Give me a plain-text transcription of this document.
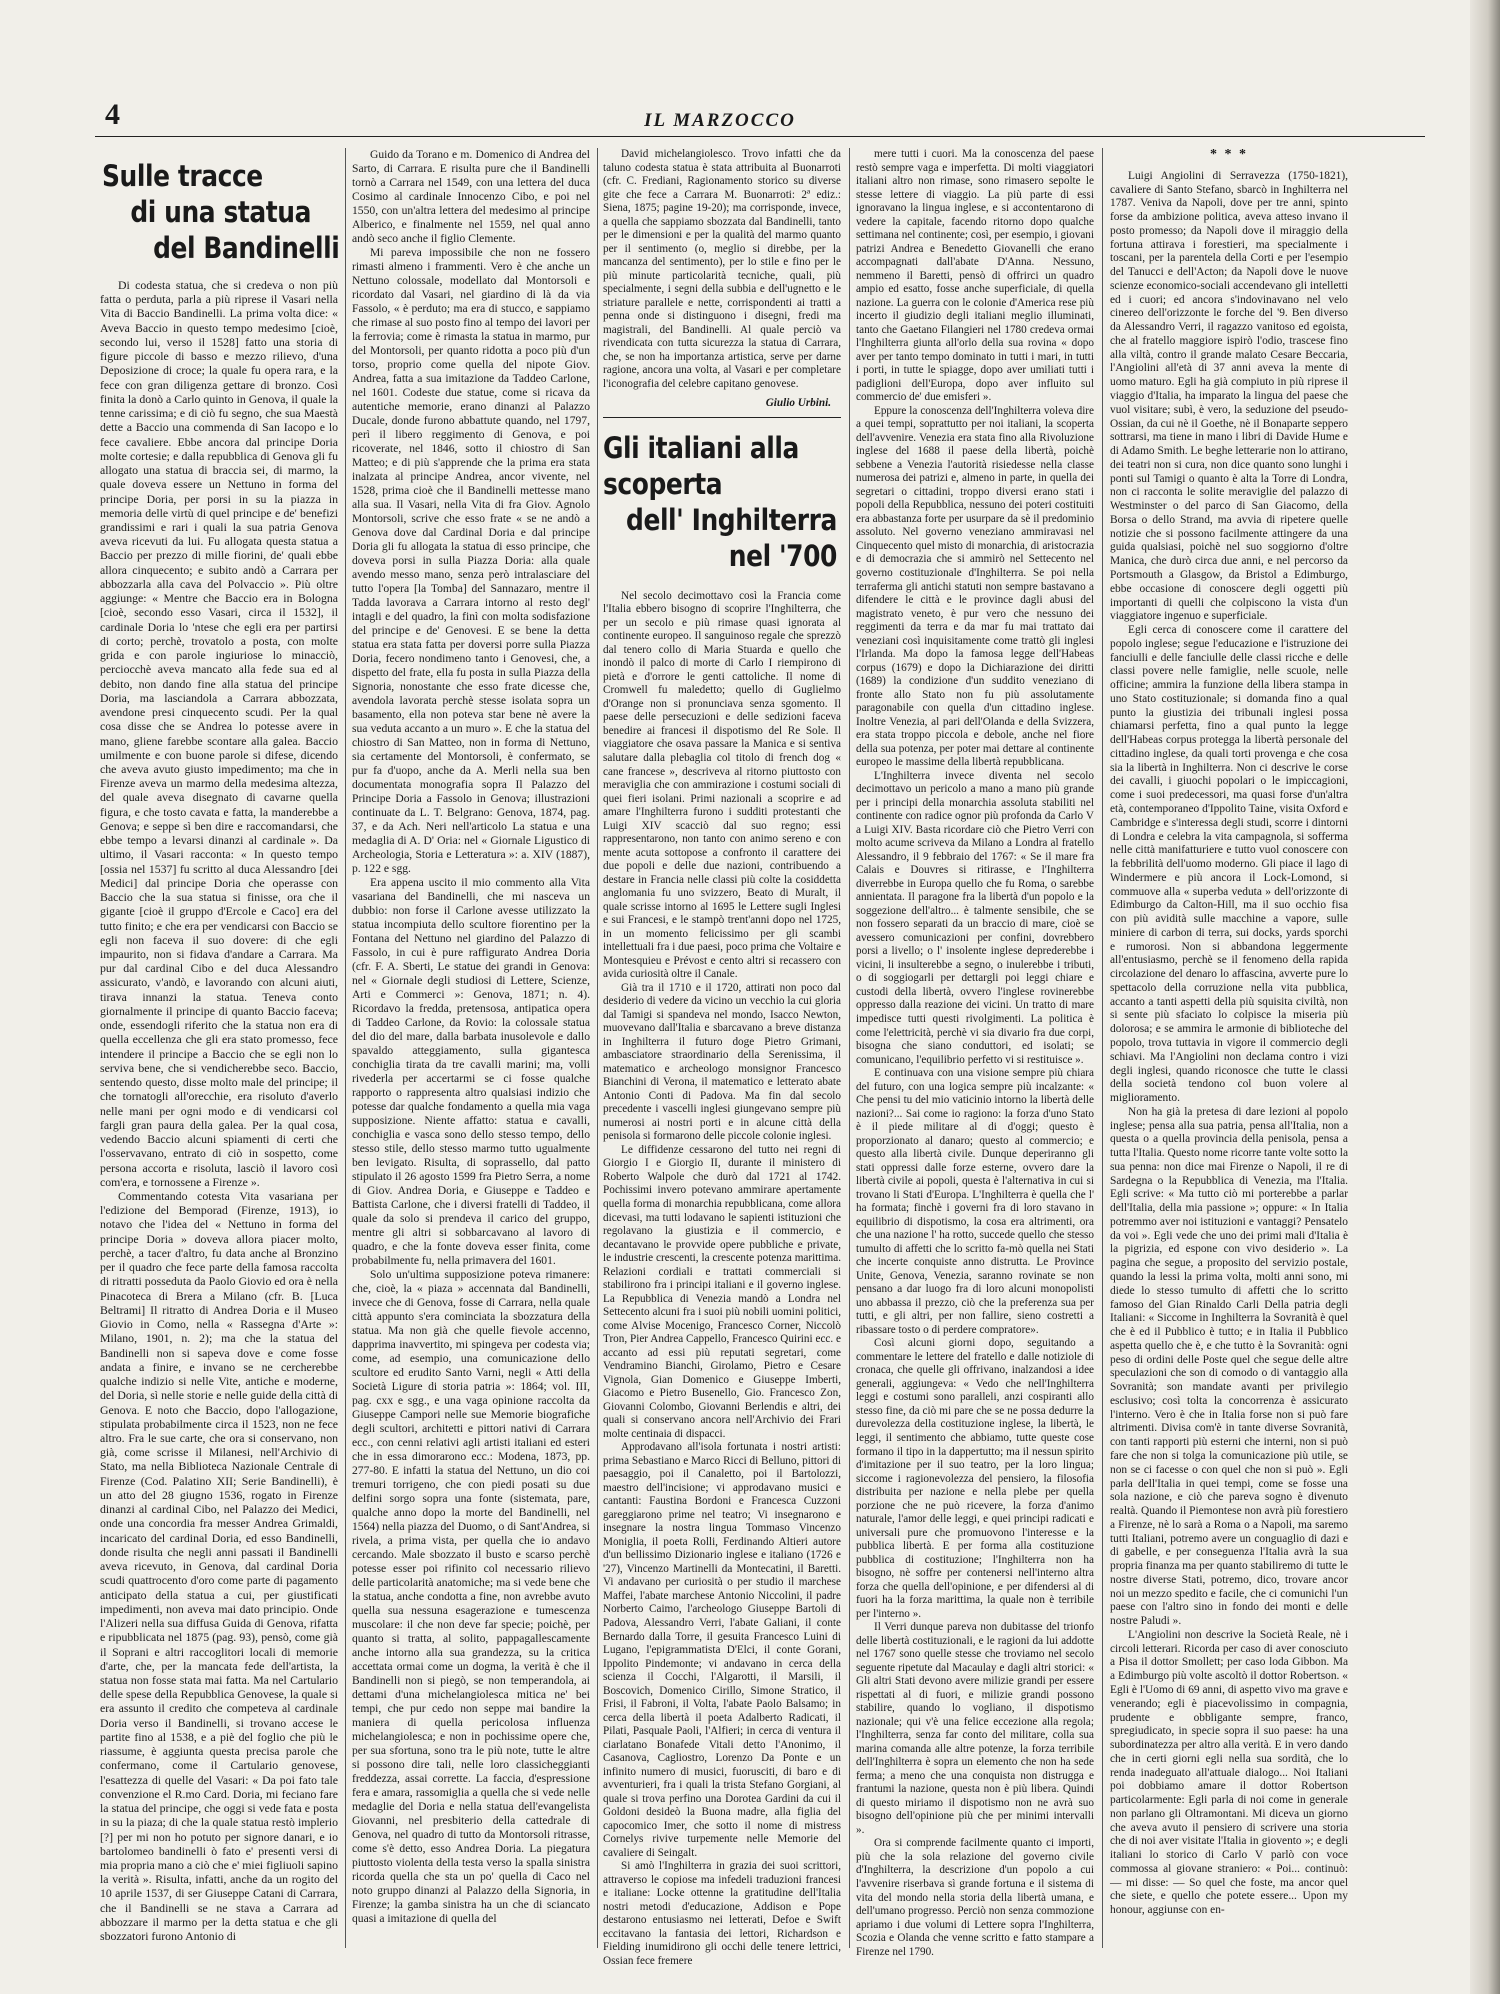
4	IL MARZOCCO
Sulle tracce
di una statua
del Bandinelli

Di codesta statua, che si credeva o non più fatta o perduta, parla a più riprese il Vasari nella Vita di Baccio Bandinelli. La prima volta dice: « Aveva Baccio in questo tempo medesimo [cioè, secondo lui, verso il 1528] fatto una storia di figure piccole di basso e mezzo rilievo, d'una Deposizione di croce; la quale fu opera rara, e la fece con gran diligenza gettare di bronzo. Così finita la donò a Carlo quinto in Genova, il quale la tenne carissima; e di ciò fu segno, che sua Maestà dette a Baccio una commenda di San Iacopo e lo fece cavaliere. Ebbe ancora dal principe Doria molte cortesie; e dalla repubblica di Genova gli fu allogato una statua di braccia sei, di marmo, la quale doveva essere un Nettuno in forma del principe Doria, per porsi in su la piazza in memoria delle virtù di quel principe e de' benefizi grandissimi e rari i quali la sua patria Genova aveva ricevuti da lui. Fu allogata questa statua a Baccio per prezzo di mille fiorini, de' quali ebbe allora cinquecento; e subito andò a Carrara per abbozzarla alla cava del Polvaccio ». Più oltre aggiunge: « Mentre che Baccio era in Bologna [cioè, secondo esso Vasari, circa il 1532], il cardinale Doria lo 'ntese che egli era per partirsi di corto; perchè, trovatolo a posta, con molte grida e con parole ingiuriose lo minacciò, perciocchè aveva mancato alla fede sua ed al debito, non dando fine alla statua del principe Doria, ma lasciandola a Carrara abbozzata, avendone presi cinquecento scudi. Per la qual cosa disse che se Andrea lo potesse avere in mano, gliene farebbe scontare alla galea. Baccio umilmente e con buone parole si difese, dicendo che aveva avuto giusto impedimento; ma che in Firenze aveva un marmo della medesima altezza, del quale aveva disegnato di cavarne quella figura, e che tosto cavata e fatta, la manderebbe a Genova; e seppe sì ben dire e raccomandarsi, che ebbe tempo a levarsi dinanzi al cardinale ». Da ultimo, il Vasari racconta: « In questo tempo [ossia nel 1537] fu scritto al duca Alessandro [dei Medici] dal principe Doria che operasse con Baccio che la sua statua si finisse, ora che il gigante [cioè il gruppo d'Ercole e Caco] era del tutto finito; e che era per vendicarsi con Baccio se egli non faceva il suo dovere: di che egli impaurito, non si fidava d'andare a Carrara. Ma pur dal cardinal Cibo e del duca Alessandro assicurato, v'andò, e lavorando con alcuni aiuti, tirava innanzi la statua. Teneva conto giornalmente il principe di quanto Baccio faceva; onde, essendogli riferito che la statua non era di quella eccellenza che gli era stato promesso, fece intendere il principe a Baccio che se egli non lo serviva bene, che si vendicherebbe seco. Baccio, sentendo questo, disse molto male del principe; il che tornatogli all'orecchie, era risoluto d'averlo nelle mani per ogni modo e di vendicarsi col fargli gran paura della galea. Per la qual cosa, vedendo Baccio alcuni spiamenti di certi che l'osservavano, entrato di ciò in sospetto, come persona accorta e risoluta, lasciò il lavoro così com'era, e tornossene a Firenze ».

Commentando cotesta Vita vasariana per l'edizione del Bemporad (Firenze, 1913), io notavo che l'idea del « Nettuno in forma del principe Doria » doveva allora piacer molto, perchè, a tacer d'altro, fu data anche al Bronzino per il quadro che fece parte della famosa raccolta di ritratti posseduta da Paolo Giovio ed ora è nella Pinacoteca di Brera a Milano (cfr. B. [Luca Beltrami] Il ritratto di Andrea Doria e il Museo Giovio in Como, nella « Rassegna d'Arte »: Milano, 1901, n. 2); ma che la statua del Bandinelli non si sapeva dove e come fosse andata a finire, e invano se ne cercherebbe qualche indizio si nelle Vite, antiche e moderne, del Doria, sì nelle storie e nelle guide della città di Genova. E noto che Baccio, dopo l'allogazione, stipulata probabilmente circa il 1523, non ne fece altro. Fra le sue carte, che ora si conservano, non già, come scrisse il Milanesi, nell'Archivio di Stato, ma nella Biblioteca Nazionale Centrale di Firenze (Cod. Palatino XII; Serie Bandinelli), è un atto del 28 giugno 1536, rogato in Firenze dinanzi al cardinal Cibo, nel Palazzo dei Medici, onde una concordia fra messer Andrea Grimaldi, incaricato del cardinal Doria, ed esso Bandinelli, donde risulta che negli anni passati il Bandinelli aveva ricevuto, in Genova, dal cardinal Doria scudi quattrocento d'oro come parte di pagamento anticipato della statua a cui, per giustificati impedimenti, non aveva mai dato principio. Onde l'Alizeri nella sua diffusa Guida di Genova, rifatta e ripubblicata nel 1875 (pag. 93), pensò, come già il Soprani e altri raccoglitori locali di memorie d'arte, che, per la mancata fede dell'artista, la statua non fosse stata mai fatta. Ma nel Cartulario delle spese della Repubblica Genovese, la quale si era assunto il credito che competeva al cardinale Doria verso il Bandinelli, si trovano accese le partite fino al 1538, e a piè del foglio che più le riassume, è aggiunta questa precisa parole che confermano, come il Cartulario genovese, l'esattezza di quelle del Vasari: « Da poi fato tale convenzione el R.mo Card. Doria, mi feciano fare la statua del principe, che oggi si vede fata e posta in su la piaza; di che la quale statua restò implerio [?] per mi non ho potuto per signore danari, e io bartolomeo bandinelli ò fato e' presenti versi di mia propria mano a ciò che e' miei figliuoli sapino la verità ». Risulta, infatti, anche da un rogito del 10 aprile 1537, di ser Giuseppe Catani di Carrara, che il Bandinelli se ne stava a Carrara ad abbozzare il marmo per la detta statua e che gli sbozzatori furono Antonio di

Guido da Torano e m. Domenico di Andrea del Sarto, di Carrara. E risulta pure che il Bandinelli tornò a Carrara nel 1549, con una lettera del duca Cosimo al cardinale Innocenzo Cibo, e poi nel 1550, con un'altra lettera del medesimo al principe Alberico, e finalmente nel 1559, nel qual anno andò seco anche il figlio Clemente.

Mi pareva impossibile che non ne fossero rimasti almeno i frammenti. Vero è che anche un Nettuno colossale, modellato dal Montorsoli e ricordato dal Vasari, nel giardino di là da via Fassolo, « è perduto; ma era di stucco, e sappiamo che rimase al suo posto fino al tempo dei lavori per la ferrovia; come è rimasta la statua in marmo, pur del Montorsoli, per quanto ridotta a poco più d'un torso, proprio come quella del nipote Giov. Andrea, fatta a sua imitazione da Taddeo Carlone, nel 1601. Codeste due statue, come si ricava da autentiche memorie, erano dinanzi al Palazzo Ducale, donde furono abbattute quando, nel 1797, perì il libero reggimento di Genova, e poi ricoverate, nel 1846, sotto il chiostro di San Matteo; e di più s'apprende che la prima era stata inalzata al principe Andrea, ancor vivente, nel 1528, prima cioè che il Bandinelli mettesse mano alla sua. Il Vasari, nella Vita di fra Giov. Agnolo Montorsoli, scrive che esso frate « se ne andò a Genova dove dal Cardinal Doria e dal principe Doria gli fu allogata la statua di esso principe, che doveva porsi in sulla Piazza Doria: alla quale avendo messo mano, senza però intralasciare del tutto l'opera [la Tomba] del Sannazaro, mentre il Tadda lavorava a Carrara intorno al resto degl' intagli e del quadro, la finì con molta sodisfazione del principe e de' Genovesi. E se bene la detta statua era stata fatta per doversi porre sulla Piazza Doria, fecero nondimeno tanto i Genovesi, che, a dispetto del frate, ella fu posta in sulla Piazza della Signoria, nonostante che esso frate dicesse che, avendola lavorata perchè stesse isolata sopra un basamento, ella non poteva star bene nè avere la sua veduta accanto a un muro ». E che la statua del chiostro di San Matteo, non in forma di Nettuno, sia certamente del Montorsoli, è confermato, se pur fa d'uopo, anche da A. Merli nella sua ben documentata monografia sopra Il Palazzo del Principe Doria a Fassolo in Genova; illustrazioni continuate da L. T. Belgrano: Genova, 1874, pag. 37, e da Ach. Neri nell'articolo La statua e una medaglia di A. D' Oria: nel « Giornale Ligustico di Archeologia, Storia e Letteratura »: a. XIV (1887), p. 122 e sgg.

Era appena uscito il mio commento alla Vita vasariana del Bandinelli, che mi nasceva un dubbio: non forse il Carlone avesse utilizzato la statua incompiuta dello scultore fiorentino per la Fontana del Nettuno nel giardino del Palazzo di Fassolo, in cui è pure raffigurato Andrea Doria (cfr. F. A. Sberti, Le statue dei grandi in Genova: nel « Giornale degli studiosi di Lettere, Scienze, Arti e Commerci »: Genova, 1871; n. 4). Ricordavo la fredda, pretensosa, antipatica opera di Taddeo Carlone, da Rovio: la colossale statua del dio del mare, dalla barbata inusolevole e dallo spavaldo atteggiamento, sulla gigantesca conchiglia tirata da tre cavalli marini; ma, volli rivederla per accertarmi se ci fosse qualche rapporto o rappresenta altro qualsiasi indizio che potesse dar qualche fondamento a quella mia vaga supposizione. Niente affatto: statua e cavalli, conchiglia e vasca sono dello stesso tempo, dello stesso stile, dello stesso marmo tutto ugualmente ben levigato. Risulta, di soprassello, dal patto stipulato il 26 agosto 1599 fra Pietro Serra, a nome di Giov. Andrea Doria, e Giuseppe e Taddeo e Battista Carlone, che i diversi fratelli di Taddeo, il quale da solo si prendeva il carico del gruppo, mentre gli altri si sobbarcavano al lavoro di quadro, e che la fonte doveva esser finita, come probabilmente fu, nella primavera del 1601.

Solo un'ultima supposizione poteva rimanere: che, cioè, la « piaza » accennata dal Bandinelli, invece che di Genova, fosse di Carrara, nella quale città appunto s'era cominciata la sbozzatura della statua. Ma non già che quelle fievole accenno, dapprima inavvertito, mi spingeva per codesta via; come, ad esempio, una comunicazione dello scultore ed erudito Santo Varni, negli « Atti della Società Ligure di storia patria »: 1864; vol. III, pag. cxx e sgg., e una vaga opinione raccolta da Giuseppe Campori nelle sue Memorie biografiche degli scultori, architetti e pittori nativi di Carrara ecc., con cenni relativi agli artisti italiani ed esteri che in essa dimorarono ecc.: Modena, 1873, pp. 277-80. E infatti la statua del Nettuno, un dio coi tremuri torrigeno, che con piedi posati su due delfini sorgo sopra una fonte (sistemata, pare, qualche anno dopo la morte del Bandinelli, nel 1564) nella piazza del Duomo, o di Sant'Andrea, si rivela, a prima vista, per quella che io andavo cercando. Male sbozzato il busto e scarso perchè potesse esser poi rifinito col necessario rilievo delle particolarità anatomiche; ma si vede bene che la statua, anche condotta a fine, non avrebbe avuto quella sua nessuna esagerazione e tumescenza muscolare: il che non deve far specie; poichè, per quanto si tratta, al solito, pappagallescamente anche intorno alla sua grandezza, su la critica accettata ormai come un dogma, la verità è che il Bandinelli non si piegò, se non temperandola, ai dettami d'una michelangiolesca mitica ne' bei tempi, che pur cedo non seppe mai bandire la maniera di quella pericolosa influenza michelangiolesca; e non in pochissime opere che, per sua sfortuna, sono tra le più note, tutte le altre si possono dire tali, nelle loro classicheggianti freddezza, assai corrette. La faccia, d'espressione fera e amara, rassomiglia a quella che si vede nelle medaglie del Doria e nella statua dell'evangelista Giovanni, nel presbiterio della cattedrale di Genova, nel quadro di tutto da Montorsoli ritrasse, come s'è detto, esso Andrea Doria. La piegatura piuttosto violenta della testa verso la spalla sinistra ricorda quella che sta un po' quella di Caco nel noto gruppo dinanzi al Palazzo della Signoria, in Firenze; la gamba sinistra ha un che di sciancato quasi a imitazione di quella del

David michelangiolesco. Trovo infatti che da taluno codesta statua è stata attribuita al Buonarroti (cfr. C. Frediani, Ragionamento storico su diverse gite che fece a Carrara M. Buonarroti: 2ª ediz.: Siena, 1875; pagine 19-20); ma corrisponde, invece, a quella che sappiamo sbozzata dal Bandinelli, tanto per le dimensioni e per la qualità del marmo quanto per il sentimento (o, meglio si direbbe, per la mancanza del sentimento), per lo stile e fino per le più minute particolarità tecniche, quali, più specialmente, i segni della subbia e dell'ugnetto e le striature parallele e nette, corrispondenti ai tratti a penna onde si distinguono i disegni, fredi ma magistrali, del Bandinelli. Al quale perciò va rivendicata con tutta sicurezza la statua di Carrara, che, se non ha importanza artistica, serve per darne ragione, ancora una volta, al Vasari e per completare l'iconografia del celebre capitano genovese.

Giulio Urbini.
Gli italiani alla scoperta
dell' Inghilterra nel '700

Nel secolo decimottavo così la Francia come l'Italia ebbero bisogno di scoprire l'Inghilterra, che per un secolo e più rimase quasi ignorata al continente europeo. Il sanguinoso regale che sprezzò dal tenero collo di Maria Stuarda e quello che inondò il palco di morte di Carlo I riempirono di pietà e d'orrore le genti cattoliche. Il nome di Cromwell fu maledetto; quello di Guglielmo d'Orange non si pronunciava senza sgomento. Il paese delle persecuzioni e delle sedizioni faceva benedire ai francesi il dispotismo del Re Sole. Il viaggiatore che osava passare la Manica e si sentiva salutare dalla plebaglia col titolo di french dog « cane francese », descriveva al ritorno piuttosto con meraviglia che con ammirazione i costumi sociali di quei fieri isolani. Primi nazionali a scoprire e ad amare l'Inghilterra furono i sudditi protestanti che Luigi XIV scacciò dal suo regno; essi rappresentarono, non tanto con animo sereno e con mente acuta sottopose a confronto il carattere dei due popoli e delle due nazioni, contribuendo a destare in Francia nelle classi più colte la cosiddetta anglomania fu uno svizzero, Beato di Muralt, il quale scrisse intorno al 1695 le Lettere sugli Inglesi e sui Francesi, e le stampò trent'anni dopo nel 1725, in un momento felicissimo per gli scambi intellettuali fra i due paesi, poco prima che Voltaire e Montesquieu e Prévost e cento altri si recassero con avida curiosità oltre il Canale.

Già tra il 1710 e il 1720, attirati non poco dal desiderio di vedere da vicino un vecchio la cui gloria dal Tamigi si spandeva nel mondo, Isacco Newton, muovevano dall'Italia e sbarcavano a breve distanza in Inghilterra il futuro doge Pietro Grimani, ambasciatore straordinario della Serenissima, il matematico e archeologo monsignor Francesco Bianchini di Verona, il matematico e letterato abate Antonio Conti di Padova. Ma fin dal secolo precedente i vascelli inglesi giungevano sempre più numerosi ai nostri porti e in alcune città della penisola si formarono delle piccole colonie inglesi.

Le diffidenze cessarono del tutto nei regni di Giorgio I e Giorgio II, durante il ministero di Roberto Walpole che durò dal 1721 al 1742. Pochissimi invero potevano ammirare apertamente quella forma di monarchia repubblicana, come allora dicevasi, ma tutti lodavano le sapienti istituzioni che regolavano la giustizia e il commercio, e decantavano le provvide opere pubbliche e private, le industrie crescenti, la crescente potenza marittima. Relazioni cordiali e trattati commerciali si stabilirono fra i principi italiani e il governo inglese. La Repubblica di Venezia mandò a Londra nel Settecento alcuni fra i suoi più nobili uomini politici, come Alvise Mocenigo, Francesco Corner, Niccolò Tron, Pier Andrea Cappello, Francesco Quirini ecc. e accanto ad essi più reputati segretari, come Vendramino Bianchi, Girolamo, Pietro e Cesare Vignola, Gian Domenico e Giuseppe Imberti, Giacomo e Pietro Busenello, Gio. Francesco Zon, Giovanni Colombo, Giovanni Berlendis e altri, dei quali si conservano ancora nell'Archivio dei Frari molte centinaia di dispacci.

Approdavano all'isola fortunata i nostri artisti: prima Sebastiano e Marco Ricci di Belluno, pittori di paesaggio, poi il Canaletto, poi il Bartolozzi, maestro dell'incisione; vi approdavano musici e cantanti: Faustina Bordoni e Francesca Cuzzoni gareggiarono prime nel teatro; Vi insegnarono e insegnare la nostra lingua Tommaso Vincenzo Moniglia, il poeta Rolli, Ferdinando Altieri autore d'un bellissimo Dizionario inglese e italiano (1726 e '27), Vincenzo Martinelli da Montecatini, il Baretti. Vi andavano per curiosità o per studio il marchese Maffei, l'abate marchese Antonio Niccolini, il padre Norberto Caimo, l'archeologo Giuseppe Bartoli di Padova, Alessandro Verri, l'abate Galiani, il conte Bernardo dalla Torre, il gesuita Francesco Luini di Lugano, l'epigrammatista D'Elci, il conte Gorani, Ippolito Pindemonte; vi andavano in cerca della scienza il Cocchi, l'Algarotti, il Marsili, il Boscovich, Domenico Cirillo, Simone Stratico, il Frisi, il Fabroni, il Volta, l'abate Paolo Balsamo; in cerca della libertà il poeta Adalberto Radicati, il Pilati, Pasquale Paoli, l'Alfieri; in cerca di ventura il ciarlatano Bonafede Vitali detto l'Anonimo, il Casanova, Cagliostro, Lorenzo Da Ponte e un infinito numero di musici, fuorusciti, di baro e di avventurieri, fra i quali la trista Stefano Gorgiani, al quale si trova perfino una Dorotea Gardini da cui il Goldoni desideò la Buona madre, alla figlia del capocomico Imer, che sotto il nome di mistress Cornelys rivive turpemente nelle Memorie del cavaliere di Seingalt.

Si amò l'Inghilterra in grazia dei suoi scrittori, attraverso le copiose ma infedeli traduzioni francesi e italiane: Locke ottenne la gratitudine dell'Italia nostri metodi d'educazione, Addison e Pope destarono entusiasmo nei letterati, Defoe e Swift eccitavano la fantasia dei lettori, Richardson e Fielding inumidirono gli occhi delle tenere lettrici, Ossian fece fremere

mere tutti i cuori. Ma la conoscenza del paese restò sempre vaga e imperfetta. Di molti viaggiatori italiani altro non rimase, sono rimasero sepolte le stesse lettere di viaggio. La più parte di essi ignoravano la lingua inglese, e si accontentarono di vedere la capitale, facendo ritorno dopo qualche settimana nel continente; così, per esempio, i giovani patrizi Andrea e Benedetto Giovanelli che erano accompagnati dall'abate D'Anna. Nessuno, nemmeno il Baretti, pensò di offrirci un quadro ampio ed esatto, fosse anche superficiale, di quella nazione. La guerra con le colonie d'America rese più incerto il giudizio degli italiani meglio illuminati, tanto che Gaetano Filangieri nel 1780 credeva ormai l'Inghilterra giunta all'orlo della sua rovina « dopo aver per tanto tempo dominato in tutti i mari, in tutti i porti, in tutte le spiagge, dopo aver umiliati tutti i padiglioni dell'Europa, dopo aver influito sul commercio de' due emisferi ».

Eppure la conoscenza dell'Inghilterra voleva dire a quei tempi, soprattutto per noi italiani, la scoperta dell'avvenire. Venezia era stata fino alla Rivoluzione inglese del 1688 il paese della libertà, poichè sebbene a Venezia l'autorità risiedesse nella classe numerosa dei patrizi e, almeno in parte, in quella dei segretari o cittadini, troppo diversi erano stati i popoli della Repubblica, nessuno dei poteri costituiti era abbastanza forte per usurpare da sè il predominio assoluto. Nel governo veneziano ammiravasi nel Cinquecento quel misto di monarchia, di aristocrazia e di democrazia che si ammirò nel Settecento nel governo costituzionale d'Inghilterra. Se poi nella terraferma gli antichi statuti non sempre bastavano a difendere le città e le province dagli abusi del magistrato veneto, è pur vero che nessuno dei reggimenti da terra e da mar fu mai trattato dai veneziani così inquisitamente come trattò gli inglesi l'Irlanda. Ma dopo la famosa legge dell'Habeas corpus (1679) e dopo la Dichiarazione dei diritti (1689) la condizione d'un suddito veneziano di fronte allo Stato non fu più assolutamente paragonabile con quella d'un cittadino inglese. Inoltre Venezia, al pari dell'Olanda e della Svizzera, era stata troppo piccola e debole, anche nel fiore della sua potenza, per poter mai dettare al continente europeo le massime della libertà repubblicana.

L'Inghilterra invece diventa nel secolo decimottavo un pericolo a mano a mano più grande per i principi della monarchia assoluta stabiliti nel continente con radice ognor più profonda da Carlo V a Luigi XIV. Basta ricordare ciò che Pietro Verri con molto acume scriveva da Milano a Londra al fratello Alessandro, il 9 febbraio del 1767: « Se il mare fra Calais e Douvres si ritirasse, e l'Inghilterra diverrebbe in Europa quello che fu Roma, o sarebbe annientata. Il paragone fra la libertà d'un popolo e la soggezione dell'altro... è talmente sensibile, che se non fossero separati da un braccio di mare, cioè se avessero comunicazioni per confini, dovrebbero porsi a livello; o l' insolente inglese deprederebbe i vicini, li insulterebbe a segno, o inulerebbe i tributi, o di soggiogarli per dettargli poi leggi chiare e custodi della libertà, ovvero l'inglese rovinerebbe oppresso dalla reazione dei vicini. Un tratto di mare impedisce tutti questi rivolgimenti. La politica è come l'elettricità, perchè vi sia divario fra due corpi, bisogna che siano conduttori, ed isolati; se comunicano, l'equilibrio perfetto vi si restituisce ».

E continuava con una visione sempre più chiara del futuro, con una logica sempre più incalzante: « Che pensi tu del mio vaticinio intorno la libertà delle nazioni?... Sai come io ragiono: la forza d'uno Stato è il piede militare al di d'oggi; questo è proporzionato al danaro; questo al commercio; e questo alla libertà civile. Dunque deperiranno gli stati oppressi dalle forze esterne, ovvero dare la libertà civile ai popoli, questa è l'alternativa in cui si trovano li Stati d'Europa. L'Inghilterra è quella che l' ha formata; finchè i governi fra di loro stavano in equilibrio di dispotismo, la cosa era altrimenti, ora che una nazione l' ha rotto, succede quello che stesso tumulto di affetti che lo scritto fa-mò quella nei Stati che incerte conquiste anno distrutta. Le Province Unite, Genova, Venezia, saranno rovinate se non pensano a dar luogo fra di loro alcuni monopolisti uno abbassa il prezzo, ciò che la preferenza sua per tutti, e gli altri, per non fallire, sieno costretti a ribassare tosto o di perdere compratore».

Così alcuni giorni dopo, seguitando a commentare le lettere del fratello e dalle notiziole di cronaca, che quelle gli offrivano, inalzandosi a idee generali, aggiungeva: « Vedo che nell'Inghilterra leggi e costumi sono paralleli, anzi cospiranti allo stesso fine, da ciò mi pare che se ne possa dedurre la durevolezza della costituzione inglese, la libertà, le leggi, il sentimento che abbiamo, tutte queste cose formano il tipo in la dappertutto; ma il nessun spirito d'imitazione per il suo teatro, per la loro lingua; siccome i ragionevolezza del pensiero, la filosofia distribuita per nazione e nella plebe per quella porzione che ne può ricevere, la forza d'animo naturale, l'amor delle leggi, e quei principi radicati e universali pure che promuovono l'interesse e la pubblica libertà. E per forma alla costituzione pubblica di costituzione; l'Inghilterra non ha bisogno, nè soffre per contenersi nell'interno altra forza che quella dell'opinione, e per difendersi al di fuori ha la forza marittima, la quale non è terribile per l'interno ».

Il Verri dunque pareva non dubitasse del trionfo delle libertà costituzionali, e le ragioni da lui addotte nel 1767 sono quelle stesse che troviamo nel secolo seguente ripetute dal Macaulay e dagli altri storici: « Gli altri Stati devono avere milizie grandi per essere rispettati al di fuori, e milizie grandi possono stabilire, quando lo vogliano, il dispotismo nazionale; qui v'è una felice eccezione alla regola; l'Inghilterra, senza far conto del militare, colla sua marina comanda alle altre potenze, la forza terribile dell'Inghilterra è sopra un elemento che non ha sede ferma; a meno che una conquista non distrugga e frantumi la nazione, questa non è più libera. Quindi di questo miriamo il dispotismo non ne avrà suo bisogno dell'opinione più che per minimi intervalli ».

Ora si comprende facilmente quanto ci importi, più che la sola relazione del governo civile d'Inghilterra, la descrizione d'un popolo a cui l'avvenire riserbava sì grande fortuna e il sistema di vita del mondo nella storia della libertà umana, e dell'umano progresso. Perciò non senza commozione apriamo i due volumi di Lettere sopra l'Inghilterra, Scozia e Olanda che venne scritto e fatto stampare a Firenze nel 1790.

* * *

Luigi Angiolini di Serravezza (1750-1821), cavaliere di Santo Stefano, sbarcò in Inghilterra nel 1787. Veniva da Napoli, dove per tre anni, spinto forse da ambizione politica, aveva atteso invano il posto promesso; da Napoli dove il miraggio della fortuna attirava i forestieri, ma specialmente i toscani, per la parentela della Corti e per l'esempio del Tanucci e dell'Acton; da Napoli dove le nuove scienze economico-sociali accendevano gli intelletti ed i cuori; ed ancora s'indovinavano nel velo cinereo dell'orizzonte le forche del '9. Ben diverso da Alessandro Verri, il ragazzo vanitoso ed egoista, che al fratello maggiore ispirò l'odio, trascese fino alla viltà, contro il grande malato Cesare Beccaria, l'Angiolini all'età di 37 anni aveva la mente di uomo maturo. Egli ha già compiuto in più riprese il viaggio d'Italia, ha imparato la lingua del paese che vuol visitare; subì, è vero, la seduzione del pseudo-Ossian, da cui nè il Goethe, nè il Bonaparte seppero sottrarsi, ma tiene in mano i libri di Davide Hume e di Adamo Smith. Le beghe letterarie non lo attirano, dei teatri non si cura, non dice quanto sono lunghi i ponti sul Tamigi o quanto è alta la Torre di Londra, non ci racconta le solite meraviglie del palazzo di Westminster o del parco di San Giacomo, della Borsa o dello Strand, ma avvia di ripetere quelle notizie che si possono facilmente attingere da una guida qualsiasi, poichè nel suo soggiorno d'oltre Manica, che durò circa due anni, e nel percorso da Portsmouth a Glasgow, da Bristol a Edimburgo, ebbe occasione di conoscere degli oggetti più importanti di quelli che colpiscono la vista d'un viaggiatore ingenuo e superficiale.

Egli cerca di conoscere come il carattere del popolo inglese; segue l'educazione e l'istruzione dei fanciulli e delle fanciulle delle classi ricche e delle classi povere nelle famiglie, nelle scuole, nelle officine; ammira la funzione della libera stampa in uno Stato costituzionale; si domanda fino a qual punto la giustizia dei tribunali inglesi possa chiamarsi perfetta, fino a qual punto la legge dell'Habeas corpus protegga la libertà personale del cittadino inglese, da quali torti provenga e che cosa sia la libertà in Inghilterra. Non ci descrive le corse dei cavalli, i giuochi popolari o le impiccagioni, come i suoi predecessori, ma quasi forse d'un'altra età, contemporaneo d'Ippolito Taine, visita Oxford e Cambridge e s'interessa degli studi, scorre i dintorni di Londra e celebra la vita campagnola, si sofferma nelle città manifatturiere e tutto vuol conoscere con la febbrilità dell'uomo moderno. Gli piace il lago di Windermere e più ancora il Lock-Lomond, si commuove alla « superba veduta » dell'orizzonte di Edimburgo da Calton-Hill, ma il suo occhio fisa con più avidità sulle macchine a vapore, sulle miniere di carbon di terra, sui docks, yards sporchi e rumorosi. Non si abbandona leggermente all'entusiasmo, perchè se il fenomeno della rapida circolazione del denaro lo affascina, avverte pure lo spettacolo della corruzione nella vita pubblica, accanto a tanti aspetti della più squisita civiltà, non si sente più sfaciato lo colpisce la miseria più dolorosa; e se ammira le armonie di biblioteche del popolo, trova tuttavia in vigore il commercio degli schiavi. Ma l'Angiolini non declama contro i vizi degli inglesi, quando riconosce che tutte le classi della società tendono col buon volere al miglioramento.

Non ha già la pretesa di dare lezioni al popolo inglese; pensa alla sua patria, pensa all'Italia, non a questa o a quella provincia della penisola, pensa a tutta l'Italia. Questo nome ricorre tante volte sotto la sua penna: non dice mai Firenze o Napoli, il re di Sardegna o la Repubblica di Venezia, ma l'Italia. Egli scrive: « Ma tutto ciò mi porterebbe a parlar dell'Italia, della mia passione »; oppure: « In Italia potremmo aver noi istituzioni e vantaggi? Pensatelo da voi ». Egli vede che uno dei primi mali d'Italia è la pigrizia, ed espone con vivo desiderio ». La pagina che segue, a proposito del servizio postale, quando la lessi la prima volta, molti anni sono, mi diede lo stesso tumulto di affetti che lo scritto famoso del Gian Rinaldo Carli Della patria degli Italiani: « Siccome in Inghilterra la Sovranità è quel che è ed il Pubblico è tutto; e in Italia il Pubblico aspetta quello che è, e che tutto è la Sovranità: ogni peso di ordini delle Poste quel che segue delle altre speculazioni che son di comodo o di vantaggio alla Sovranità; son mandate avanti per privilegio esclusivo; così tolta la concorrenza è assicurato l'interno. Vero è che in Italia forse non si può fare altrimenti. Divisa com'è in tante diverse Sovranità, con tanti rapporti più esterni che interni, non si può fare che non si tolga la comunicazione più utile, se non se ci facesse o con quel che non si può ». Egli parla dell'Italia in quei tempi, come se fosse una sola nazione, e ciò che pareva sogno è divenuto realtà. Quando il Piemontese non avrà più forestiero a Firenze, nè lo sarà a Roma o a Napoli, ma saremo tutti Italiani, potremo avere un conguaglio di dazi e di gabelle, e per conseguenza l'Italia avrà la sua propria finanza ma per quanto stabiliremo di tutte le nostre diverse Stati, potremo, dico, trovare ancor noi un mezzo spedito e facile, che ci comunichi l'un paese con l'altro sino in fondo dei monti e delle nostre Paludi ».

L'Angiolini non descrive la Società Reale, nè i circoli letterari. Ricorda per caso di aver conosciuto a Pisa il dottor Smollett; per caso loda Gibbon. Ma a Edimburgo più volte ascoltò il dottor Robertson. « Egli è l'Uomo di 69 anni, di aspetto vivo ma grave e venerando; egli è piacevolissimo in compagnia, prudente e obbligante sempre, franco, spregiudicato, in specie sopra il suo paese: ha una subordinatezza per altro alla verità. E in vero dando che in certi giorni egli nella sua sordità, che lo renda inadeguato all'attuale dialogo... Noi Italiani poi dobbiamo amare il dottor Robertson particolarmente: Egli parla di noi come in generale non parlano gli Oltramontani. Mi diceva un giorno che aveva avuto il pensiero di scrivere una storia che di noi aver visitate l'Italia in giovento »; e degli italiani lo storico di Carlo V parlò con voce commossa al giovane straniero: « Poi... continuò: — mi disse: — So quel che foste, ma ancor quel che siete, e quello che potete essere... Upon my honour, aggiunse con en-
